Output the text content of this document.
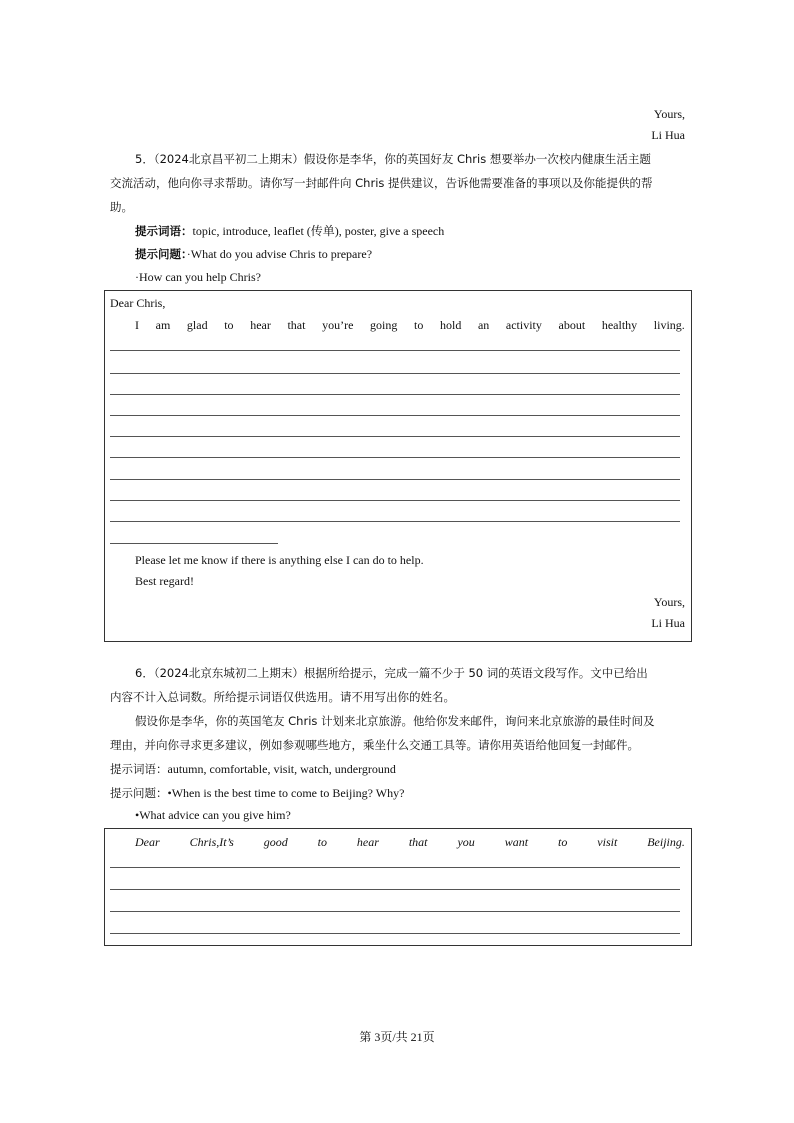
Yours,
Li Hua
5．（2024北京昌平初二上期末）假设你是李华，你的英国好友 Chris 想要举办一次校内健康生活主题
交流活动，他向你寻求帮助。请你写一封邮件向 Chris 提供建议，告诉他需要准备的事项以及你能提供的帮
助。
提示词语：topic, introduce, leaflet (传单), poster, give a speech
提示问题：·What do you advise Chris to prepare?
·How can you help Chris?
Dear Chris,
I am glad to hear that you’re going to hold an activity about healthy living.
Please let me know if there is anything else I can do to help.
Best regard!
Yours,
Li Hua
6．（2024北京东城初二上期末）根据所给提示，完成一篇不少于 50 词的英语文段写作。文中已给出
内容不计入总词数。所给提示词语仅供选用。请不用写出你的姓名。
假设你是李华，你的英国笔友 Chris 计划来北京旅游。他给你发来邮件，询问来北京旅游的最佳时间及
理由，并向你寻求更多建议，例如参观哪些地方，乘坐什么交通工具等。请你用英语给他回复一封邮件。
提示词语：autumn, comfortable, visit, watch, underground
提示问题：•When is the best time to come to Beijing? Why?
•What advice can you give him?
Dear Chris,It’s good to hear that you want to visit Beijing.
第 3页/共 21页
